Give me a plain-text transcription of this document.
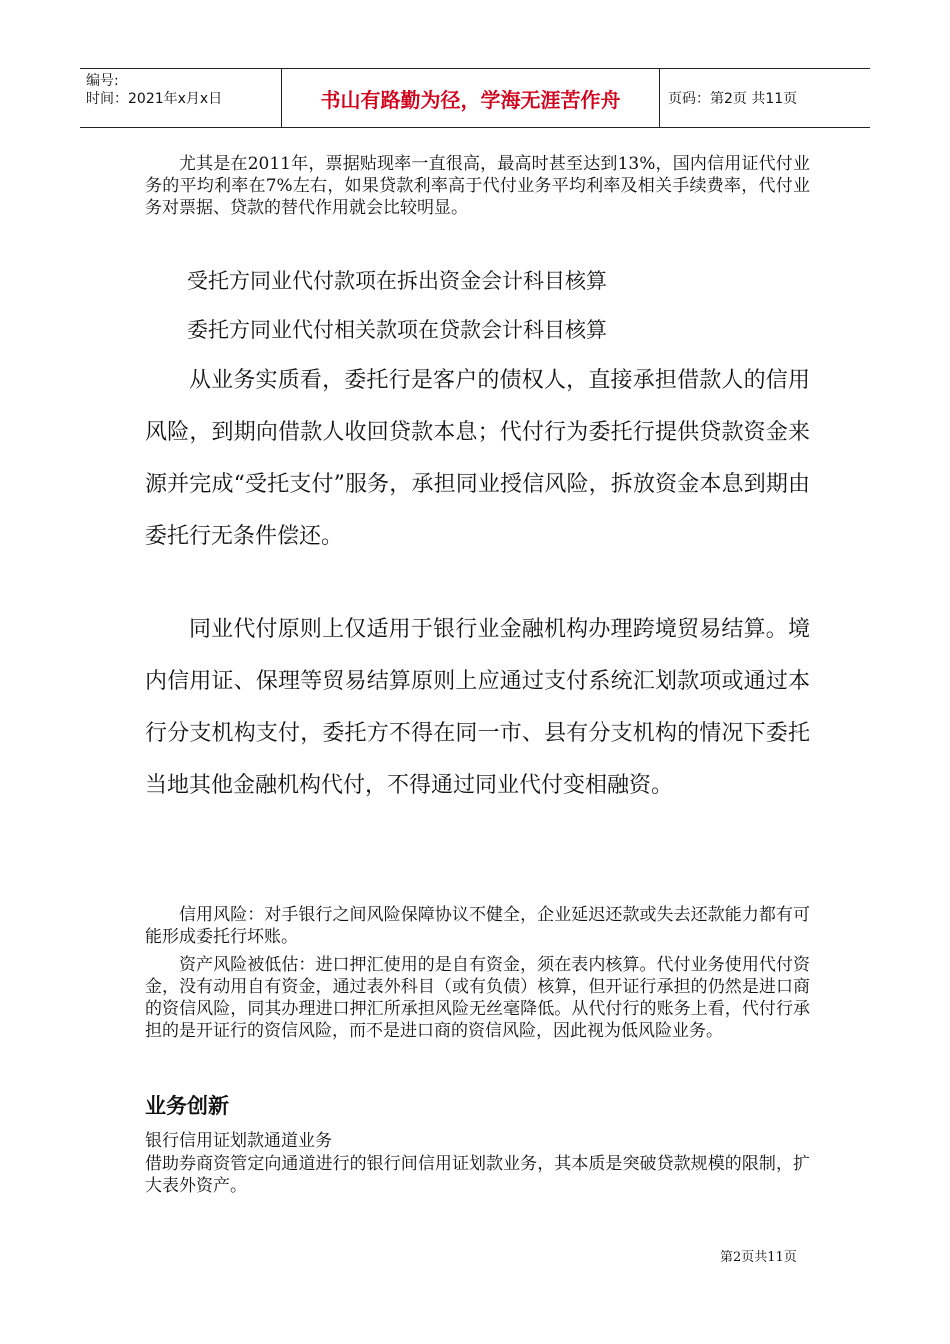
编号:
时间：2021年x月x日	书山有路勤为径，学海无涯苦作舟	页码：第2页 共11页

尤其是在2011年，票据贴现率一直很高，最高时甚至达到13%，国内信用证代付业务的平均利率在7%左右，如果贷款利率高于代付业务平均利率及相关手续费率，代付业务对票据、贷款的替代作用就会比较明显。

受托方同业代付款项在拆出资金会计科目核算
委托方同业代付相关款项在贷款会计科目核算

从业务实质看，委托行是客户的债权人，直接承担借款人的信用风险，到期向借款人收回贷款本息；代付行为委托行提供贷款资金来源并完成“受托支付”服务，承担同业授信风险，拆放资金本息到期由委托行无条件偿还。

同业代付原则上仅适用于银行业金融机构办理跨境贸易结算。境内信用证、保理等贸易结算原则上应通过支付系统汇划款项或通过本行分支机构支付，委托方不得在同一市、县有分支机构的情况下委托当地其他金融机构代付，不得通过同业代付变相融资。

信用风险：对手银行之间风险保障协议不健全，企业延迟还款或失去还款能力都有可能形成委托行坏账。

资产风险被低估：进口押汇使用的是自有资金，须在表内核算。代付业务使用代付资金，没有动用自有资金，通过表外科目（或有负债）核算，但开证行承担的仍然是进口商的资信风险，同其办理进口押汇所承担风险无丝毫降低。从代付行的账务上看，代付行承担的是开证行的资信风险，而不是进口商的资信风险，因此视为低风险业务。

业务创新
银行信用证划款通道业务

借助券商资管定向通道进行的银行间信用证划款业务，其本质是突破贷款规模的限制，扩大表外资产。

第2页共11页
